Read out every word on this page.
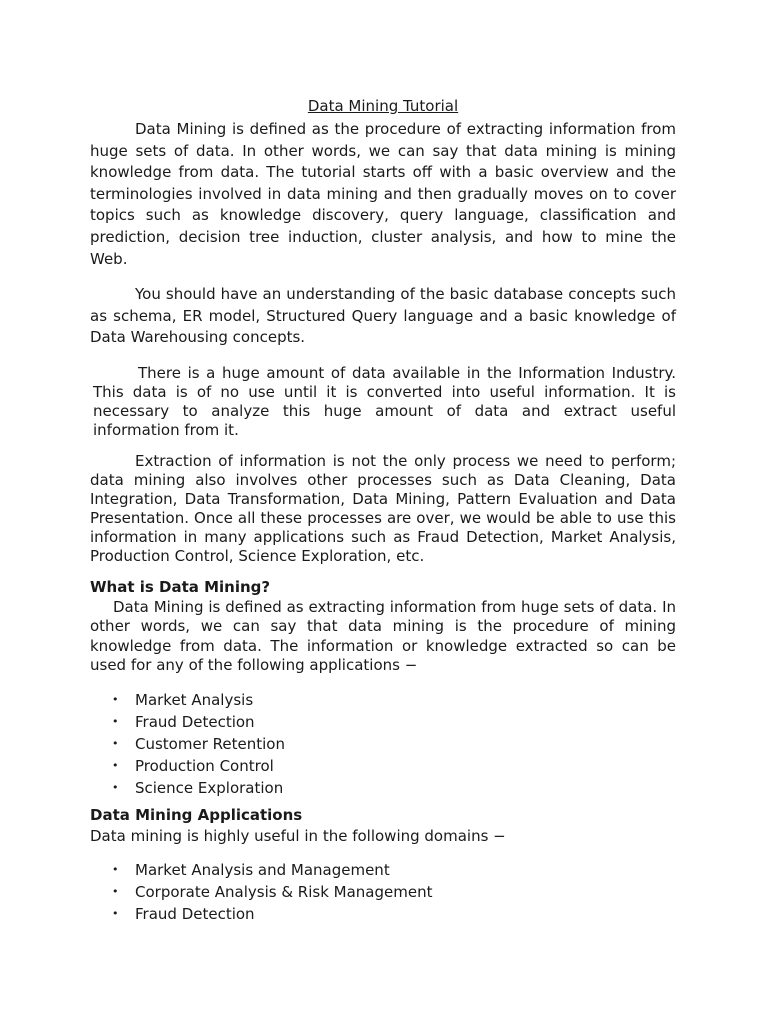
Data Mining Tutorial

Data Mining is defined as the procedure of extracting information from huge sets of data. In other words, we can say that data mining is mining knowledge from data. The tutorial starts off with a basic overview and the terminologies involved in data mining and then gradually moves on to cover topics such as knowledge discovery, query language, classification and prediction, decision tree induction, cluster analysis, and how to mine the Web.

You should have an understanding of the basic database concepts such as schema, ER model, Structured Query language and a basic knowledge of Data Warehousing concepts.

There is a huge amount of data available in the Information Industry. This data is of no use until it is converted into useful information. It is necessary to analyze this huge amount of data and extract useful information from it.

Extraction of information is not the only process we need to perform; data mining also involves other processes such as Data Cleaning, Data Integration, Data Transformation, Data Mining, Pattern Evaluation and Data Presentation. Once all these processes are over, we would be able to use this information in many applications such as Fraud Detection, Market Analysis, Production Control, Science Exploration, etc.

What is Data Mining?

Data Mining is defined as extracting information from huge sets of data. In other words, we can say that data mining is the procedure of mining knowledge from data. The information or knowledge extracted so can be used for any of the following applications −

• Market Analysis
• Fraud Detection
• Customer Retention
• Production Control
• Science Exploration
Data Mining Applications

Data mining is highly useful in the following domains −

• Market Analysis and Management
• Corporate Analysis & Risk Management
• Fraud Detection
